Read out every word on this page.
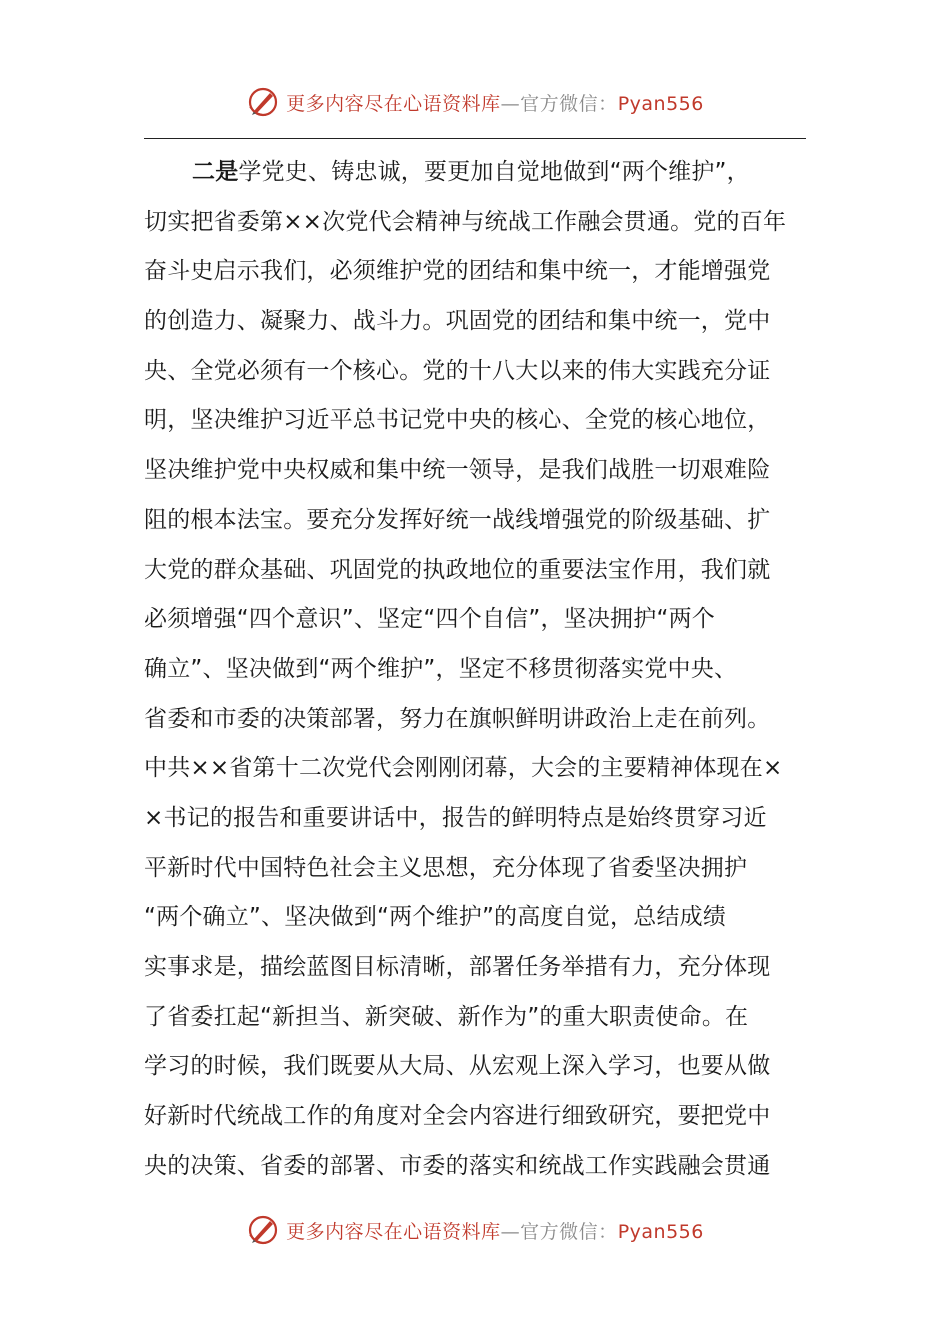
更多内容尽在心语资料库—官方微信：Pyan556
二是学党史、铸忠诚，要更加自觉地做到“两个维护”，
切实把省委第××次党代会精神与统战工作融会贯通。党的百年
奋斗史启示我们，必须维护党的团结和集中统一，才能增强党
的创造力、凝聚力、战斗力。巩固党的团结和集中统一，党中
央、全党必须有一个核心。党的十八大以来的伟大实践充分证
明，坚决维护习近平总书记党中央的核心、全党的核心地位，
坚决维护党中央权威和集中统一领导，是我们战胜一切艰难险
阻的根本法宝。要充分发挥好统一战线增强党的阶级基础、扩
大党的群众基础、巩固党的执政地位的重要法宝作用，我们就
必须增强“四个意识”、坚定“四个自信”，坚决拥护“两个
确立”、坚决做到“两个维护”，坚定不移贯彻落实党中央、
省委和市委的决策部署，努力在旗帜鲜明讲政治上走在前列。
中共××省第十二次党代会刚刚闭幕，大会的主要精神体现在×
×书记的报告和重要讲话中，报告的鲜明特点是始终贯穿习近
平新时代中国特色社会主义思想，充分体现了省委坚决拥护
“两个确立”、坚决做到“两个维护”的高度自觉，总结成绩
实事求是，描绘蓝图目标清晰，部署任务举措有力，充分体现
了省委扛起“新担当、新突破、新作为”的重大职责使命。在
学习的时候，我们既要从大局、从宏观上深入学习，也要从做
好新时代统战工作的角度对全会内容进行细致研究，要把党中
央的决策、省委的部署、市委的落实和统战工作实践融会贯通
更多内容尽在心语资料库—官方微信：Pyan556
